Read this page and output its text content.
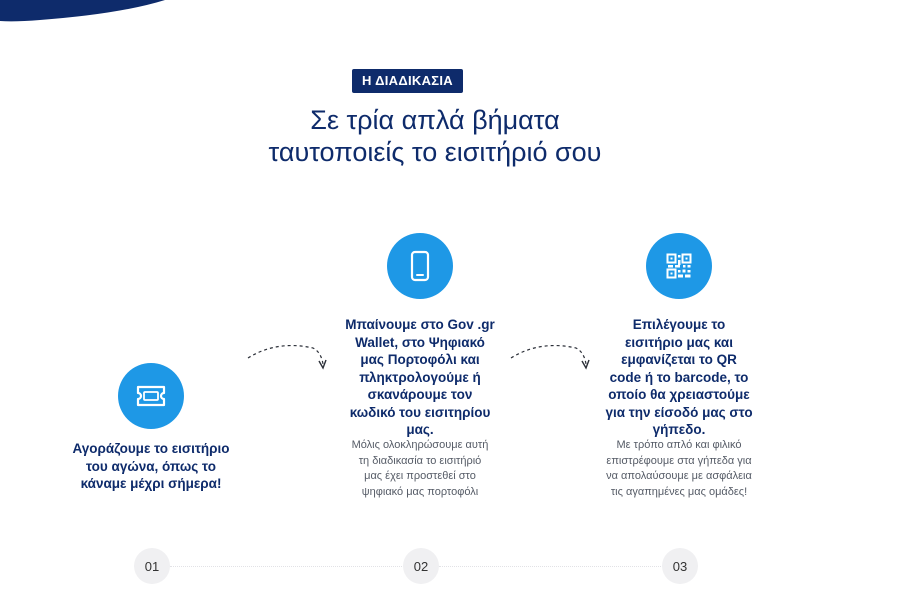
Η ΔΙΑΔΙΚΑΣΙΑ
Σε τρία απλά βήματα
ταυτοποιείς το εισιτήριό σου
Αγοράζουμε το εισιτήριο
του αγώνα, όπως το
κάναμε μέχρι σήμερα!
Μπαίνουμε στο Gov .gr
Wallet, στο Ψηφιακό
μας Πορτοφόλι και
πληκτρολογούμε ή
σκανάρουμε τον
κωδικό του εισιτηρίου
μας.
Μόλις ολοκληρώσουμε αυτή
τη διαδικασία το εισιτήριό
μας έχει προστεθεί στο
ψηφιακό μας πορτοφόλι
Επιλέγουμε το
εισιτήριο μας και
εμφανίζεται το QR
code ή το barcode, το
οποίο θα χρειαστούμε
για την είσοδό μας στο
γήπεδο.
Με τρόπο απλό και φιλικό
επιστρέφουμε στα γήπεδα για
να απολαύσουμε με ασφάλεια
τις αγαπημένες μας ομάδες!
01	02	03
